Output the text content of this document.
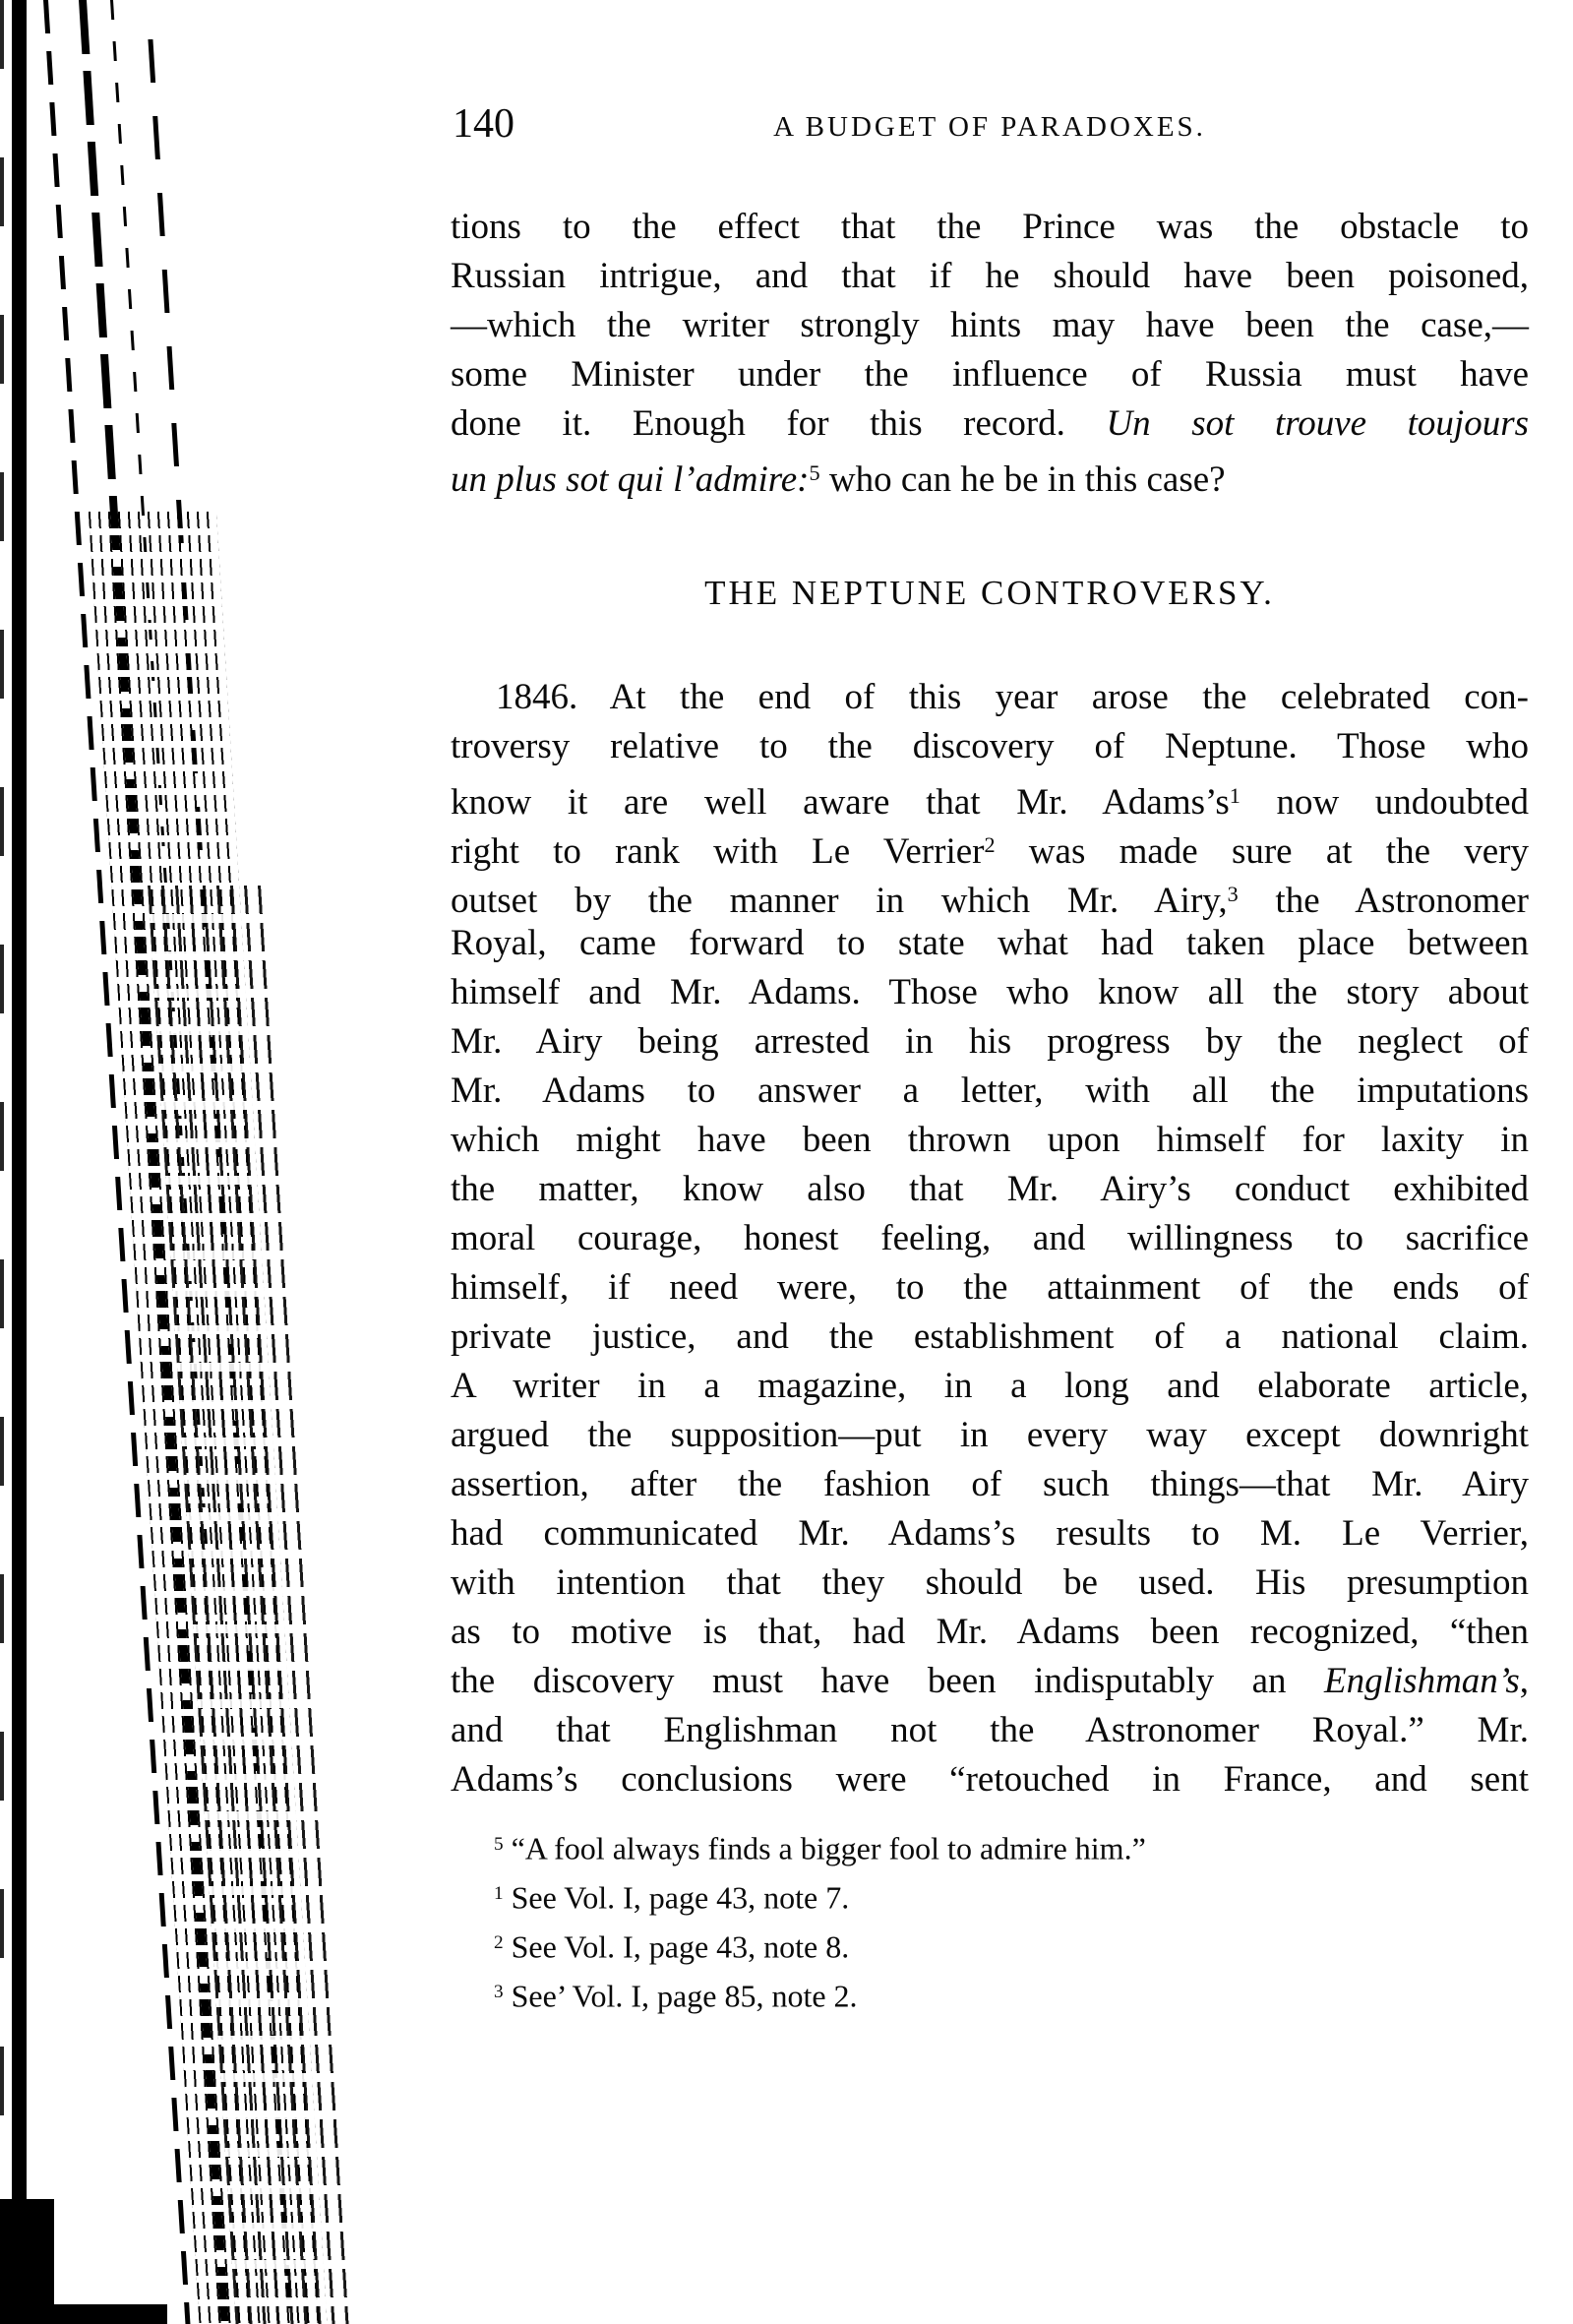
140	A BUDGET OF PARADOXES.
tions to the effect that the Prince was the obstacle to
Russian intrigue, and that if he should have been poisoned,
—which the writer strongly hints may have been the case,—
some Minister under the influence of Russia must have
done it. Enough for this record. Un sot trouve toujours
un plus sot qui l’admire:$^5$ who can he be in this case?
THE NEPTUNE CONTROVERSY.
1846. At the end of this year arose the celebrated con-
troversy relative to the discovery of Neptune. Those who
know it are well aware that Mr. $Adams’s^1$ now undoubted
right to rank with Le Verrier$^2$ was made sure at the very
outset by the manner in which Mr. Airy,$^3$ the Astronomer
Royal, came forward to state what had taken place between
himself and Mr. Adams. Those who know all the story about
Mr. Airy being arrested in his progress by the neglect of
Mr. Adams to answer a letter, with all the imputations
which might have been thrown upon himself for laxity in
the matter, know also that Mr. Airy’s conduct exhibited
moral courage, honest feeling, and willingness to sacrifice
himself, if need were, to the attainment of the ends of
private justice, and the establishment of a national claim.
A writer in a magazine, in a long and elaborate article,
argued the supposition—put in every way except downright
assertion, after the fashion of such things—that Mr. Airy
had communicated Mr. Adams’s results to M. Le Verrier,
with intention that they should be used. His presumption
as to motive is that, had Mr. Adams been recognized, “then
the discovery must have been indisputably an Englishman’s,
and that Englishman not the Astronomer Royal.” Mr.
Adams’s conclusions were “retouched in France, and sent
$^5$ “A fool always finds a bigger fool to admire him.”
$^1$ See Vol. I, page 43, note 7.
$^2$ See Vol. I, page 43, note 8.
$^3$ See’ Vol. I, page 85, note 2.
